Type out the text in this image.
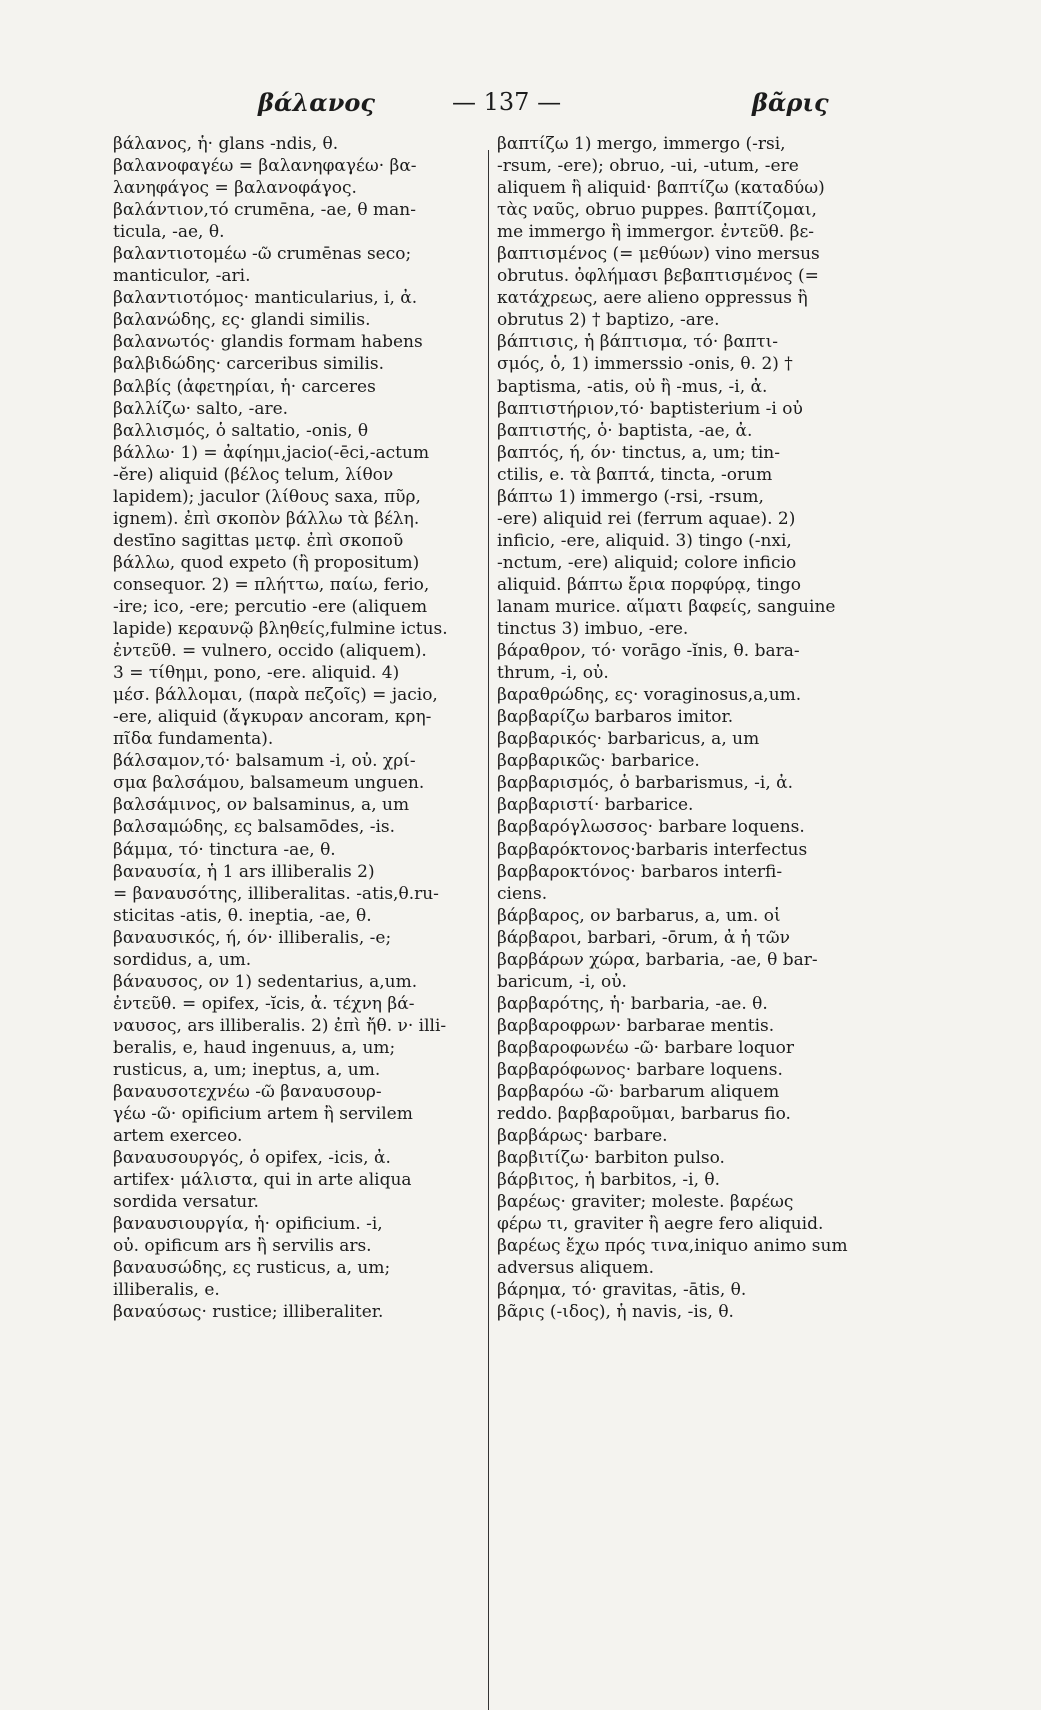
βάλανος	— 137 —	βᾶρις
βάλανος, ἡ· glans -ndis, θ.
βαλανοφαγέω = βαλανηφαγέω· βα-
λανηφάγος = βαλανοφάγος.
βαλάντιον,τό crumēna, -ae, θ man-
ticula, -ae, θ.
βαλαντιοτομέω -ῶ crumēnas seco;
manticulor, -ari.
βαλαντιοτόμος· manticularius, i, ἀ.
βαλανώδης, ες· glandi similis.
βαλανωτός· glandis formam habens
βαλβιδώδης· carceribus similis.
βαλβίς (ἀφετηρίαι, ἡ· carceres
βαλλίζω· salto, -are.
βαλλισμός, ὁ saltatio, -onis, θ
βάλλω· 1) = ἀφίημι,jacio(-ēci,-actum
-ĕre) aliquid (βέλος telum, λίθον
lapidem); jaculor (λίθους saxa, πῦρ,
ignem). ἐπὶ σκοπὸν βάλλω τὰ βέλη.
destīno sagittas μετφ. ἐπὶ σκοποῦ
βάλλω, quod expeto (ἢ propositum)
consequor. 2) = πλήττω, παίω, ferio,
-ire; ico, -ere; percutio -ere (aliquem
lapide) κεραυνῷ βληθείς,fulmine ictus.
ἐντεῦθ. = vulnero, occido (aliquem).
3 = τίθημι, pono, -ere. aliquid. 4)
μέσ. βάλλομαι, (παρὰ πεζοῖς) = jacio,
-ere, aliquid (ἄγκυραν ancoram, κρη-
πῖδα fundamenta).
βάλσαμον,τό· balsamum -i, οὐ. χρί-
σμα βαλσάμου, balsameum unguen.
βαλσάμινος, ον balsaminus, a, um
βαλσαμώδης, ες balsamōdes, -is.
βάμμα, τό· tinctura -ae, θ.
βαναυσία, ἡ 1 ars illiberalis 2)
= βαναυσότης, illiberalitas. -atis,θ.ru-
sticitas -atis, θ. ineptia, -ae, θ.
βαναυσικός, ή, όν· illiberalis, -e;
sordidus, a, um.
βάναυσος, ον 1) sedentarius, a,um.
ἐντεῦθ. = opifex, -ĭcis, ἀ. τέχνη βά-
ναυσος, ars illiberalis. 2) ἐπὶ ἤθ. ν· illi-
beralis, e, haud ingenuus, a, um;
rusticus, a, um; ineptus, a, um.
βαναυσοτεχνέω -ῶ βαναυσουρ-
γέω -ῶ· opificium artem ἢ servilem
artem exerceo.
βαναυσουργός, ὁ opifex, -icis, ἀ.
artifex· μάλιστα, qui in arte aliqua
sordida versatur.
βαναυσιουργία, ἡ· opificium. -i,
οὐ. opificum ars ἢ servilis ars.
βαναυσώδης, ες rusticus, a, um;
illiberalis, e.
βαναύσως· rustice; illiberaliter.
βαπτίζω 1) mergo, immergo (-rsi,
-rsum, -ere); obruo, -ui, -utum, -ere
aliquem ἢ aliquid· βαπτίζω (καταδύω)
τὰς ναῦς, obruo puppes. βαπτίζομαι,
me immergo ἢ immergor. ἐντεῦθ. βε-
βαπτισμένος (= μεθύων) vino mersus
obrutus. ὀφλήμασι βεβαπτισμένος (=
κατάχρεως, aere alieno oppressus ἢ
obrutus 2) † baptizo, -are.
βάπτισις, ἡ βάπτισμα, τό· βαπτι-
σμός, ὁ, 1) immerssio -onis, θ. 2) †
baptisma, -atis, οὐ ἢ -mus, -i, ἀ.
βαπτιστήριον,τό· baptisterium -i οὐ
βαπτιστής, ὁ· baptista, -ae, ἀ.
βαπτός, ή, όν· tinctus, a, um; tin-
ctilis, e. τὰ βαπτά, tincta, -orum
βάπτω 1) immergo (-rsi, -rsum,
-ere) aliquid rei (ferrum aquae). 2)
inficio, -ere, aliquid. 3) tingo (-nxi,
-nctum, -ere) aliquid; colore inficio
aliquid. βάπτω ἔρια πορφύρᾳ, tingo
lanam murice. αἵματι βαφείς, sanguine
tinctus 3) imbuo, -ere.
βάραθρον, τό· vorāgo -ĭnis, θ. bara-
thrum, -i, οὐ.
βαραθρώδης, ες· voraginosus,a,um.
βαρβαρίζω barbaros imitor.
βαρβαρικός· barbaricus, a, um
βαρβαρικῶς· barbarice.
βαρβαρισμός, ὁ barbarismus, -i, ἀ.
βαρβαριστί· barbarice.
βαρβαρόγλωσσος· barbare loquens.
βαρβαρόκτονος·barbaris interfectus
βαρβαροκτόνος· barbaros interfi-
ciens.
βάρβαρος, ον barbarus, a, um. οἱ
βάρβαροι, barbari, -ōrum, ἀ ἡ τῶν
βαρβάρων χώρα, barbaria, -ae, θ bar-
baricum, -i, οὐ.
βαρβαρότης, ἡ· barbaria, -ae. θ.
βαρβαροφρων· barbarae mentis.
βαρβαροφωνέω -ῶ· barbare loquor
βαρβαρόφωνος· barbare loquens.
βαρβαρόω -ῶ· barbarum aliquem
reddo. βαρβαροῦμαι, barbarus fio.
βαρβάρως· barbare.
βαρβιτίζω· barbiton pulso.
βάρβιτος, ἡ barbitos, -i, θ.
βαρέως· graviter; moleste. βαρέως
φέρω τι, graviter ἢ aegre fero aliquid.
βαρέως ἔχω πρός τινα,iniquo animo sum
adversus aliquem.
βάρημα, τό· gravitas, -ātis, θ.
βᾶρις (-ιδος), ἡ navis, -is, θ.
